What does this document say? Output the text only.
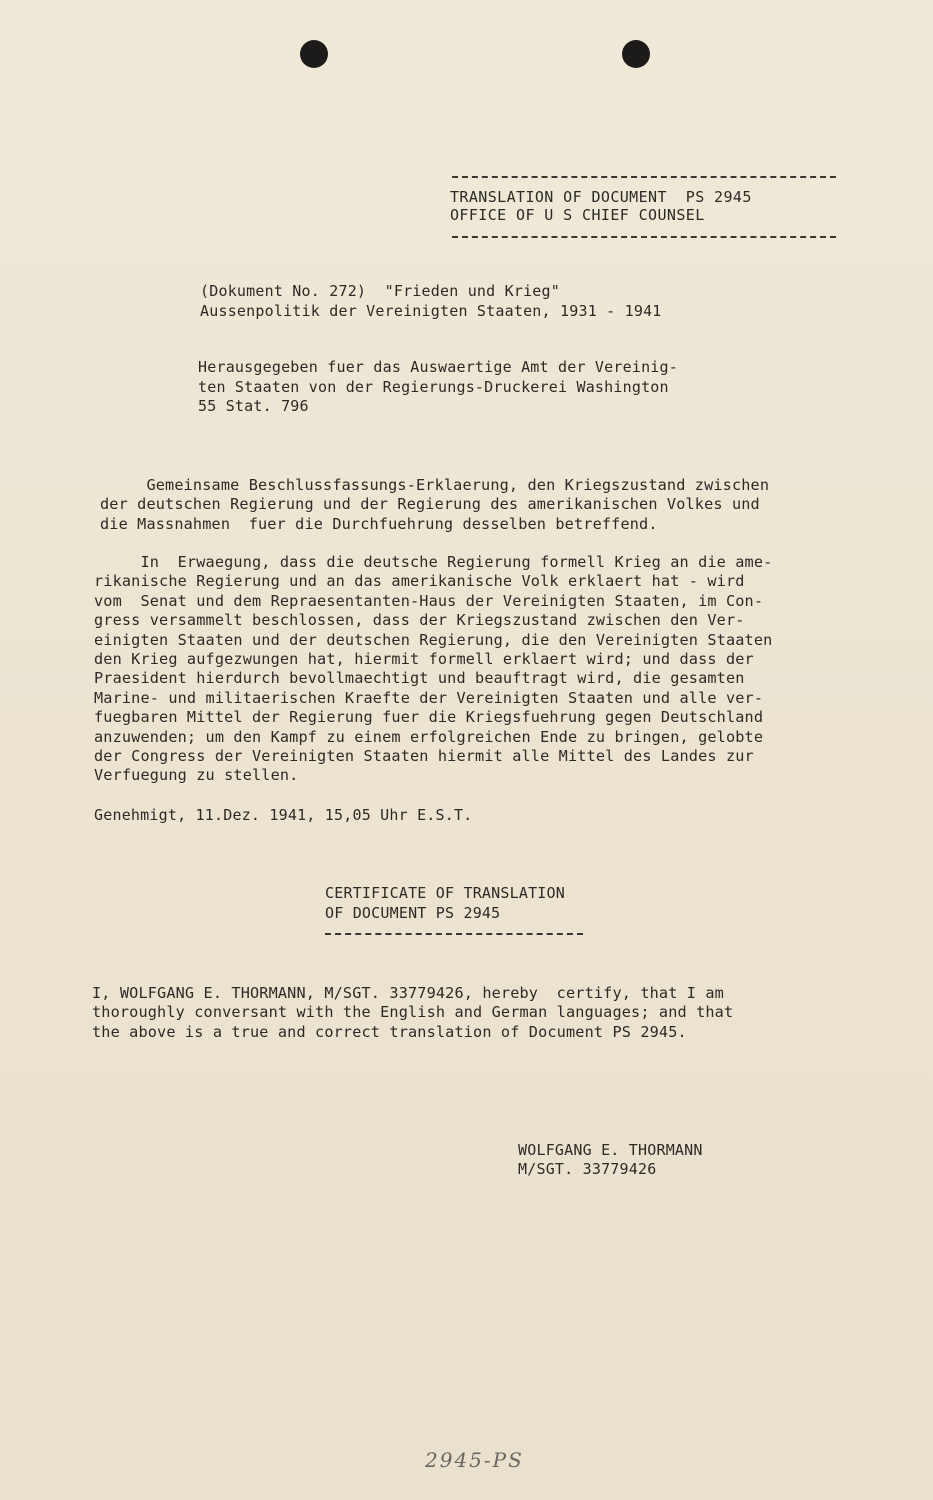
TRANSLATION OF DOCUMENT  PS 2945
OFFICE OF U S CHIEF COUNSEL
(Dokument No. 272)  "Frieden und Krieg"
Aussenpolitik der Vereinigten Staaten, 1931 - 1941
Herausgegeben fuer das Auswaertige Amt der Vereinig-
ten Staaten von der Regierungs-Druckerei Washington
55 Stat. 796
Gemeinsame Beschlussfassungs-Erklaerung, den Kriegszustand zwischen
der deutschen Regierung und der Regierung des amerikanischen Volkes und
die Massnahmen  fuer die Durchfuehrung desselben betreffend.
In  Erwaegung, dass die deutsche Regierung formell Krieg an die ame-
rikanische Regierung und an das amerikanische Volk erklaert hat - wird
vom  Senat und dem Repraesentanten-Haus der Vereinigten Staaten, im Con-
gress versammelt beschlossen, dass der Kriegszustand zwischen den Ver-
einigten Staaten und der deutschen Regierung, die den Vereinigten Staaten
den Krieg aufgezwungen hat, hiermit formell erklaert wird; und dass der
Praesident hierdurch bevollmaechtigt und beauftragt wird, die gesamten
Marine- und militaerischen Kraefte der Vereinigten Staaten und alle ver-
fuegbaren Mittel der Regierung fuer die Kriegsfuehrung gegen Deutschland
anzuwenden; um den Kampf zu einem erfolgreichen Ende zu bringen, gelobte
der Congress der Vereinigten Staaten hiermit alle Mittel des Landes zur
Verfuegung zu stellen.
Genehmigt, 11.Dez. 1941, 15,05 Uhr E.S.T.
CERTIFICATE OF TRANSLATION
OF DOCUMENT PS 2945
I, WOLFGANG E. THORMANN, M/SGT. 33779426, hereby  certify, that I am
thoroughly conversant with the English and German languages; and that
the above is a true and correct translation of Document PS 2945.
WOLFGANG E. THORMANN
M/SGT. 33779426
2945-PS
